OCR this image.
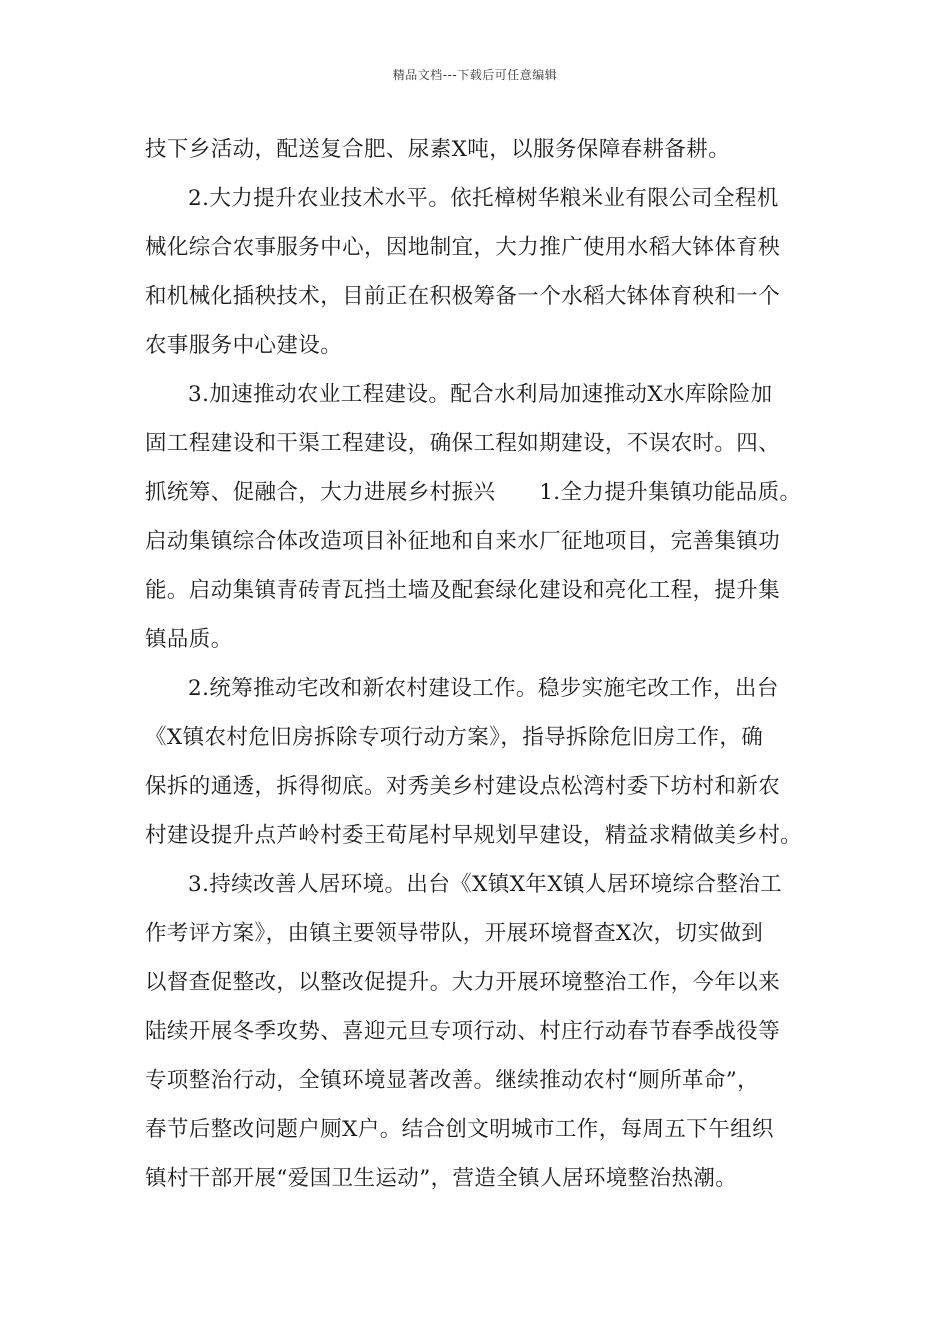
精品文档---下载后可任意编辑
技下乡活动，配送复合肥、尿素X吨，以服务保障春耕备耕。
2.大力提升农业技术水平。依托樟树华粮米业有限公司全程机
械化综合农事服务中心，因地制宜，大力推广使用水稻大钵体育秧
和机械化插秧技术，目前正在积极筹备一个水稻大钵体育秧和一个
农事服务中心建设。
3.加速推动农业工程建设。配合水利局加速推动X水库除险加
固工程建设和干渠工程建设，确保工程如期建设，不误农时。四、
抓统筹、促融合，大力进展乡村振兴　　1.全力提升集镇功能品质。
启动集镇综合体改造项目补征地和自来水厂征地项目，完善集镇功
能。启动集镇青砖青瓦挡土墙及配套绿化建设和亮化工程，提升集
镇品质。
2.统筹推动宅改和新农村建设工作。稳步实施宅改工作，出台
《X镇农村危旧房拆除专项行动方案》，指导拆除危旧房工作，确
保拆的通透，拆得彻底。对秀美乡村建设点松湾村委下坊村和新农
村建设提升点芦岭村委王荀尾村早规划早建设，精益求精做美乡村。
3.持续改善人居环境。出台《X镇X年X镇人居环境综合整治工
作考评方案》，由镇主要领导带队，开展环境督查X次，切实做到
以督查促整改，以整改促提升。大力开展环境整治工作，今年以来
陆续开展冬季攻势、喜迎元旦专项行动、村庄行动春节春季战役等
专项整治行动，全镇环境显著改善。继续推动农村“厕所革命”，
春节后整改问题户厕X户。结合创文明城市工作，每周五下午组织
镇村干部开展“爱国卫生运动”，营造全镇人居环境整治热潮。
